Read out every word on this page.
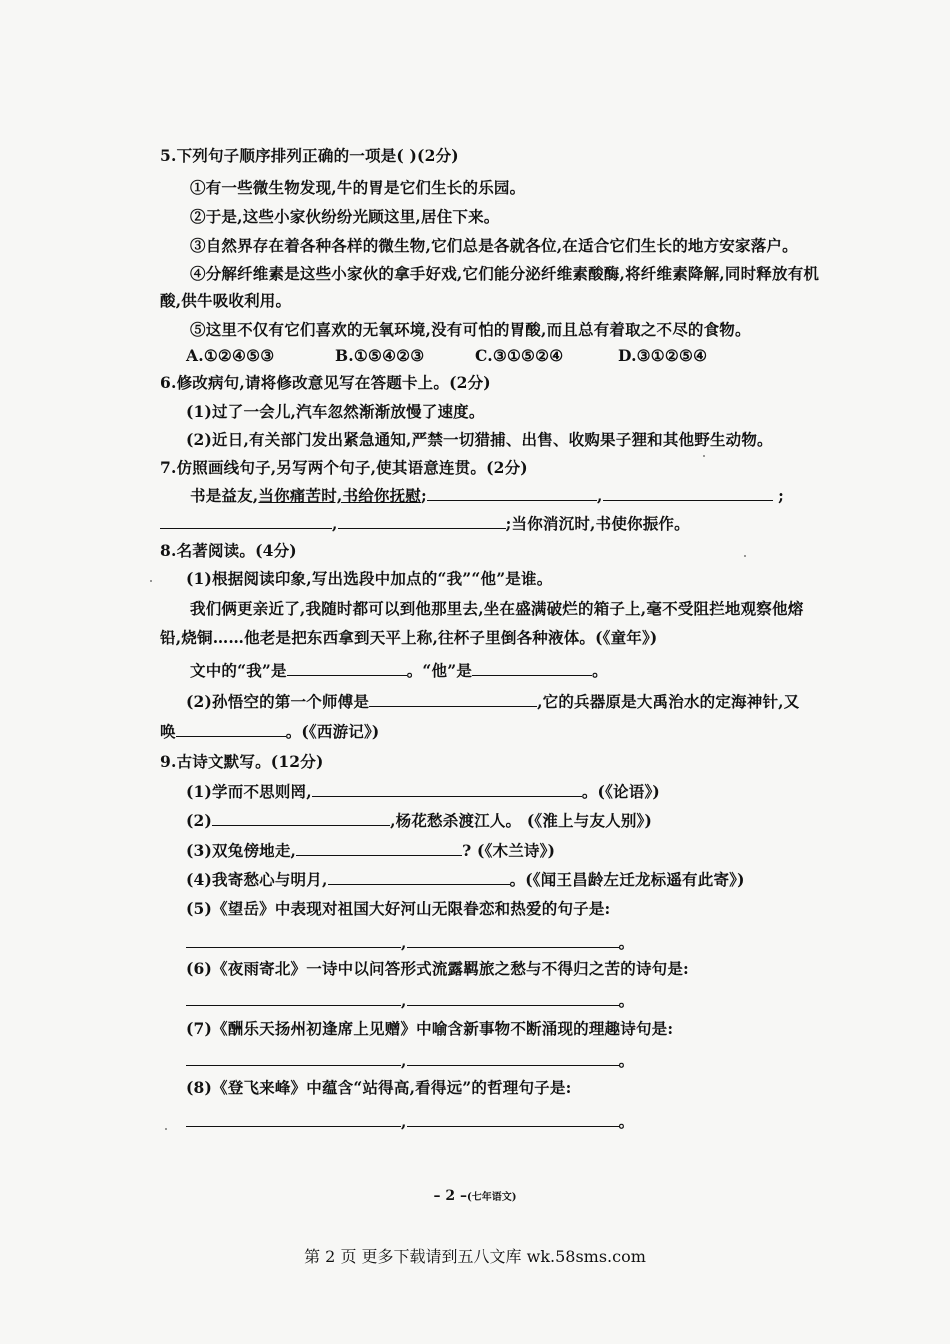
5.下列句子顺序排列正确的一项是( )(2分)
①有一些微生物发现,牛的胃是它们生长的乐园。
②于是,这些小家伙纷纷光顾这里,居住下来。
③自然界存在着各种各样的微生物,它们总是各就各位,在适合它们生长的地方安家落户。
④分解纤维素是这些小家伙的拿手好戏,它们能分泌纤维素酸酶,将纤维素降解,同时释放有机
酸,供牛吸收利用。
⑤这里不仅有它们喜欢的无氧环境,没有可怕的胃酸,而且总有着取之不尽的食物。
A.①②④⑤③	B.①⑤④②③	C.③①⑤②④	D.③①②⑤④
6.修改病句,请将修改意见写在答题卡上。(2分)
(1)过了一会儿,汽车忽然渐渐放慢了速度。
(2)近日,有关部门发出紧急通知,严禁一切猎捕、出售、收购果子狸和其他野生动物。
7.仿照画线句子,另写两个句子,使其语意连贯。(2分)
书是益友,当你痛苦时,书给你抚慰;	,	;
,	;当你消沉时,书使你振作。
8.名著阅读。(4分)
(1)根据阅读印象,写出选段中加点的“我”“他”是谁。
我们俩更亲近了,我随时都可以到他那里去,坐在盛满破烂的箱子上,毫不受阻拦地观察他熔
铅,烧铜……他老是把东西拿到天平上称,往杯子里倒各种液体。(《童年》)
文中的“我”是	。“他”是	。
(2)孙悟空的第一个师傅是	,它的兵器原是大禹治水的定海神针,又
唤	。(《西游记》)
9.古诗文默写。(12分)
(1)学而不思则罔,	。(《论语》)
(2)	,杨花愁杀渡江人。 (《淮上与友人别》)
(3)双兔傍地走,	? (《木兰诗》)
(4)我寄愁心与明月,	。(《闻王昌龄左迁龙标遥有此寄》)
(5)《望岳》中表现对祖国大好河山无限眷恋和热爱的句子是:
,	。
(6)《夜雨寄北》一诗中以问答形式流露羁旅之愁与不得归之苦的诗句是:
,	。
(7)《酬乐天扬州初逢席上见赠》中喻含新事物不断涌现的理趣诗句是:
,	。
(8)《登飞来峰》中蕴含“站得高,看得远”的哲理句子是:
,	。
– 2 –(七年语文)
第 2 页 更多下载请到五八文库 wk.58sms.com
